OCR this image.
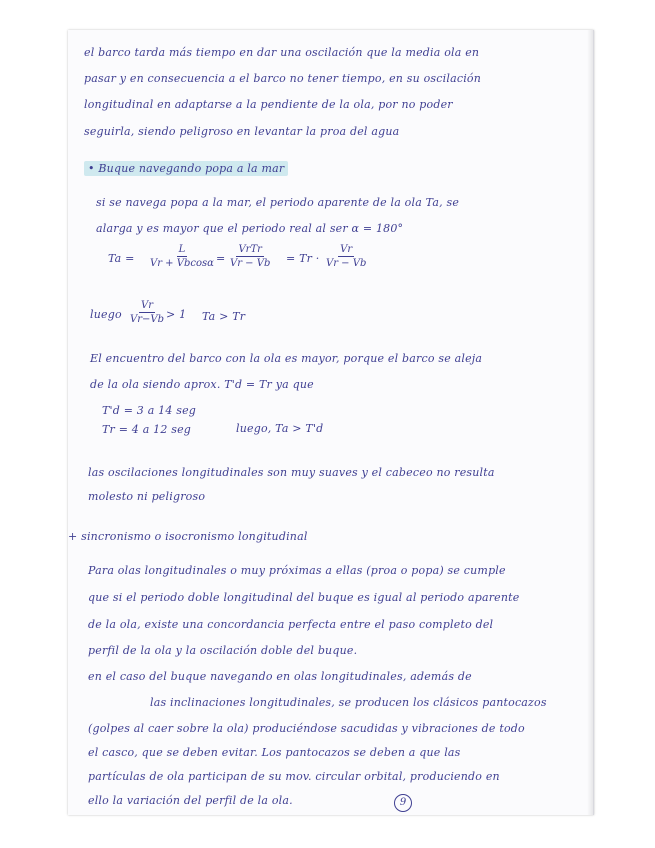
el barco tarda más tiempo en dar una oscilación que la media ola en

pasar y en consecuencia a el barco no tener tiempo, en su oscilación

longitudinal en adaptarse a la pendiente de la ola, por no poder

seguirla, siendo peligroso en levantar la proa del agua

• Buque navegando popa a la mar

si se navega popa a la mar, el periodo aparente de la ola Ta, se

alarga y es mayor que el periodo real al ser α = 180°

$Ta = \frac{L}{Vr + Vbcos\alpha}$ =

VrTr
$Vr - Vb = Tr \cdot \frac{Vr}{Vr - Vb}$

luego $\frac{Vr}{Vr-Vb} > 1$ Ta > Tr

El encuentro del barco con la ola es mayor, porque el barco se aleja

de la ola siendo aprox. T'd = Tr ya que

T'd = 3 a 14 seg

Tr = 4 a 12 seg	luego, Ta > T'd

las oscilaciones longitudinales son muy suaves y el cabeceo no resulta

molesto ni peligroso

+ sincronismo o isocronismo longitudinal

Para olas longitudinales o muy próximas a ellas (proa o popa) se cumple

que si el periodo doble longitudinal del buque es igual al periodo aparente

de la ola, existe una concordancia perfecta entre el paso completo del

perfil de la ola y la oscilación doble del buque.

en el caso del buque navegando en olas longitudinales, además de

las inclinaciones longitudinales, se producen los clásicos pantocazos

(golpes al caer sobre la ola) produciéndose sacudidas y vibraciones de todo

el casco, que se deben evitar. Los pantocazos se deben a que las

partículas de ola participan de su mov. circular orbital, produciendo en

ello la variación del perfil de la ola.	9
